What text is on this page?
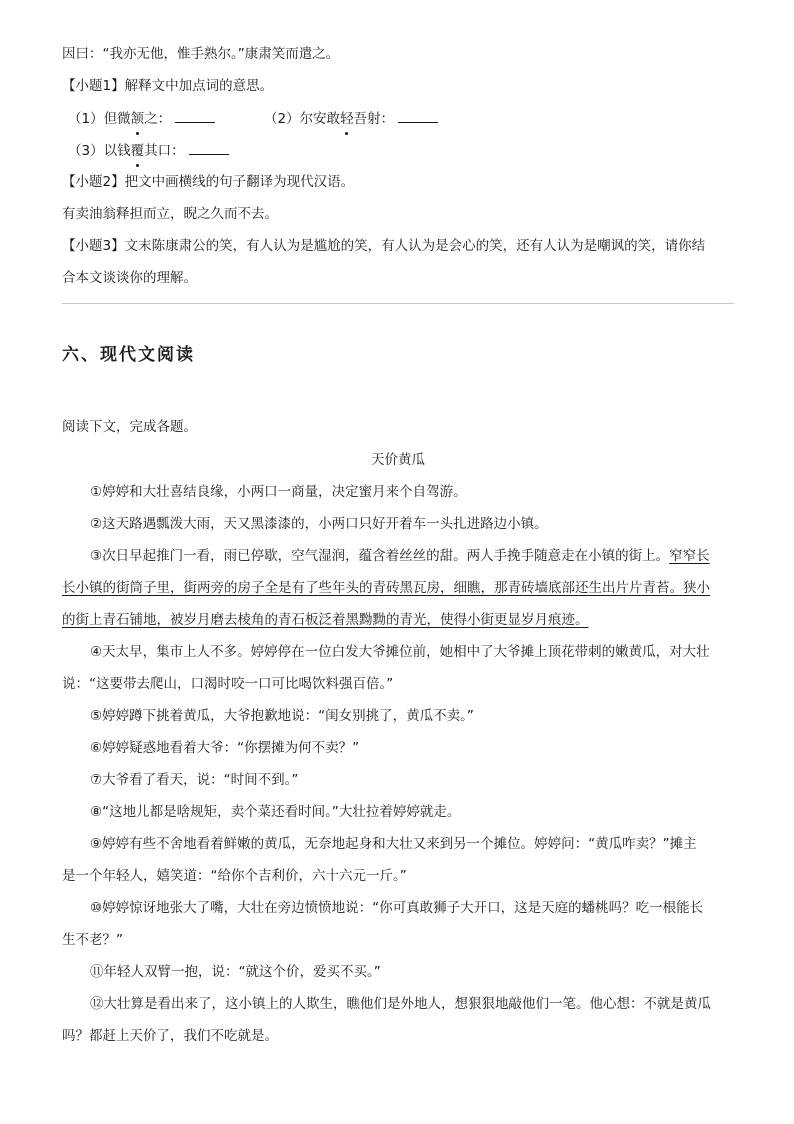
因曰：“我亦无他，惟手熟尔。”康肃笑而遣之。
【小题1】解释文中加点词的意思。
（1）但微颔
之：	（2）尔安敢轻
吾射：
（3）以钱覆
其口：
【小题2】把文中画横线的句子翻译为现代汉语。
有卖油翁释担而立，睨之久而不去。
【小题3】文末陈康肃公的笑，有人认为是尴尬的笑，有人认为是会心的笑，还有人认为是嘲讽的笑，请你结
合本文谈谈你的理解。
六、现代文阅读
阅读下文，完成各题。
天价黄瓜
①婷婷和大壮喜结良缘，小两口一商量，决定蜜月来个自驾游。
②这天路遇瓢泼大雨，天又黑漆漆的，小两口只好开着车一头扎进路边小镇。
③次日早起推门一看，雨已停歇，空气湿润，蕴含着丝丝的甜。两人手挽手随意走在小镇的街上。窄窄长
长小镇的街筒子里，街两旁的房子全是有了些年头的青砖黑瓦房，细瞧，那青砖墙底部还生出片片青苔。狭小
的街上青石铺地，被岁月磨去棱角的青石板泛着黑黝黝的青光，使得小街更显岁月痕迹。
④天太早，集市上人不多。婷婷停在一位白发大爷摊位前，她相中了大爷摊上顶花带刺的嫩黄瓜，对大壮
说：“这要带去爬山，口渴时咬一口可比喝饮料强百倍。”
⑤婷婷蹲下挑着黄瓜，大爷抱歉地说：“闺女别挑了，黄瓜不卖。”
⑥婷婷疑惑地看着大爷：“你摆摊为何不卖？”
⑦大爷看了看天，说：“时间不到。”
⑧“这地儿都是啥规矩，卖个菜还看时间。”大壮拉着婷婷就走。
⑨婷婷有些不舍地看着鲜嫩的黄瓜，无奈地起身和大壮又来到另一个摊位。婷婷问：“黄瓜咋卖？”摊主
是一个年轻人，嬉笑道：“给你个吉利价，六十六元一斤。”
⑩婷婷惊讶地张大了嘴，大壮在旁边愤愤地说：“你可真敢狮子大开口，这是天庭的蟠桃吗？吃一根能长
生不老？”
⑪年轻人双臂一抱，说：“就这个价，爱买不买。”
⑫大壮算是看出来了，这小镇上的人欺生，瞧他们是外地人，想狠狠地敲他们一笔。他心想：不就是黄瓜
吗？都赶上天价了，我们不吃就是。
